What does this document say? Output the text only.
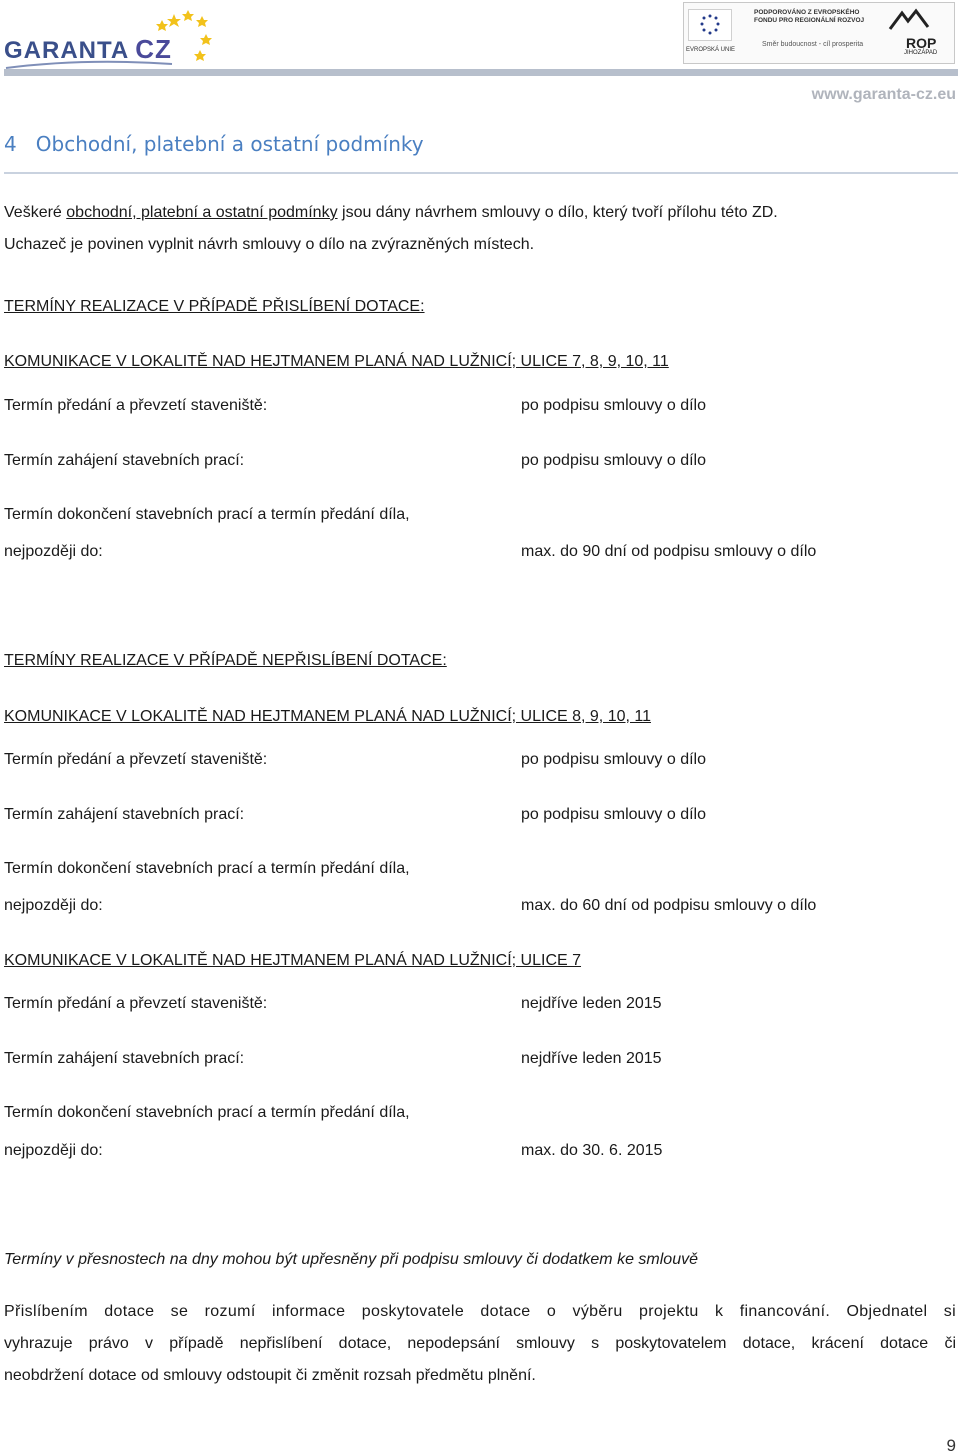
GARANTA CZ	EVROPSKÁ UNIE
PODPOROVÁNO Z EVROPSKÉHO FONDU PRO REGIONÁLNÍ ROZVOJ
Směr budoucnost - cíl prosperita	ROP
JIHOZÁPAD
www.garanta-cz.eu
4   Obchodní, platební a ostatní podmínky
Veškeré obchodní, platební a ostatní podmínky jsou dány návrhem smlouvy o dílo, který tvoří přílohu této ZD.
Uchazeč je povinen vyplnit návrh smlouvy o dílo na zvýrazněných místech.
TERMÍNY REALIZACE V PŘÍPADĚ PŘISLÍBENÍ DOTACE:
KOMUNIKACE V LOKALITĚ NAD HEJTMANEM PLANÁ NAD LUŽNICÍ; ULICE 7, 8, 9, 10, 11
Termín předání a převzetí staveniště:	po podpisu smlouvy o dílo
Termín zahájení stavebních prací:	po podpisu smlouvy o dílo
Termín dokončení stavebních prací a termín předání díla,
nejpozději do:	max. do 90 dní od podpisu smlouvy o dílo
TERMÍNY REALIZACE V PŘÍPADĚ NEPŘISLÍBENÍ DOTACE:
KOMUNIKACE V LOKALITĚ NAD HEJTMANEM PLANÁ NAD LUŽNICÍ; ULICE 8, 9, 10, 11
Termín předání a převzetí staveniště:	po podpisu smlouvy o dílo
Termín zahájení stavebních prací:	po podpisu smlouvy o dílo
Termín dokončení stavebních prací a termín předání díla,
nejpozději do:	max. do 60 dní od podpisu smlouvy o dílo
KOMUNIKACE V LOKALITĚ NAD HEJTMANEM PLANÁ NAD LUŽNICÍ; ULICE 7
Termín předání a převzetí staveniště:	nejdříve leden 2015
Termín zahájení stavebních prací:	nejdříve leden 2015
Termín dokončení stavebních prací a termín předání díla,
nejpozději do:	max. do 30. 6. 2015
Termíny v přesnostech na dny mohou být upřesněny při podpisu smlouvy či dodatkem ke smlouvě
Přislíbením dotace se rozumí informace poskytovatele dotace o výběru projektu k financování. Objednatel si
vyhrazuje právo v případě nepřislíbení dotace, nepodepsání smlouvy s poskytovatelem dotace, krácení dotace či
neobdržení dotace od smlouvy odstoupit či změnit rozsah předmětu plnění.
9
